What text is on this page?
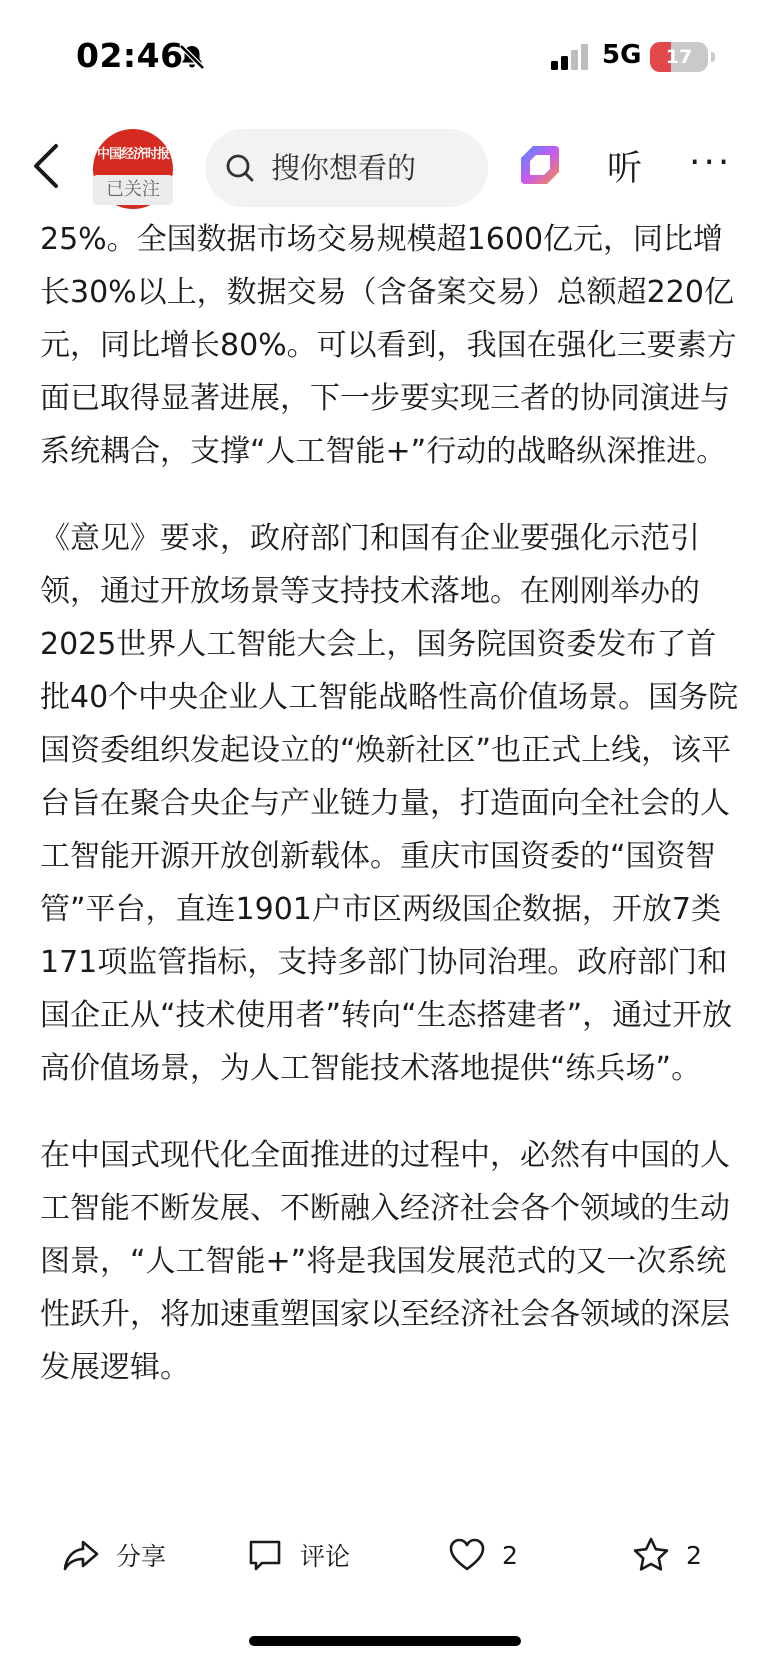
02:46	5G	17
中国经济时报
已关注
搜你想看的
听 ···

25%。全国数据市场交易规模超1600亿元，同比增长30%以上，数据交易（含备案交易）总额超220亿元，同比增长80%。可以看到，我国在强化三要素方面已取得显著进展，下一步要实现三者的协同演进与系统耦合，支撑“人工智能+”行动的战略纵深推进。

《意见》要求，政府部门和国有企业要强化示范引领，通过开放场景等支持技术落地。在刚刚举办的2025世界人工智能大会上，国务院国资委发布了首批40个中央企业人工智能战略性高价值场景。国务院国资委组织发起设立的“焕新社区”也正式上线，该平台旨在聚合央企与产业链力量，打造面向全社会的人工智能开源开放创新载体。重庆市国资委的“国资智管”平台，直连1901户市区两级国企数据，开放7类171项监管指标，支持多部门协同治理。政府部门和国企正从“技术使用者”转向“生态搭建者”，通过开放高价值场景，为人工智能技术落地提供“练兵场”。

在中国式现代化全面推进的过程中，必然有中国的人工智能不断发展、不断融入经济社会各个领域的生动图景，“人工智能+”将是我国发展范式的又一次系统性跃升，将加速重塑国家以至经济社会各领域的深层发展逻辑。

分享	评论	2	2
